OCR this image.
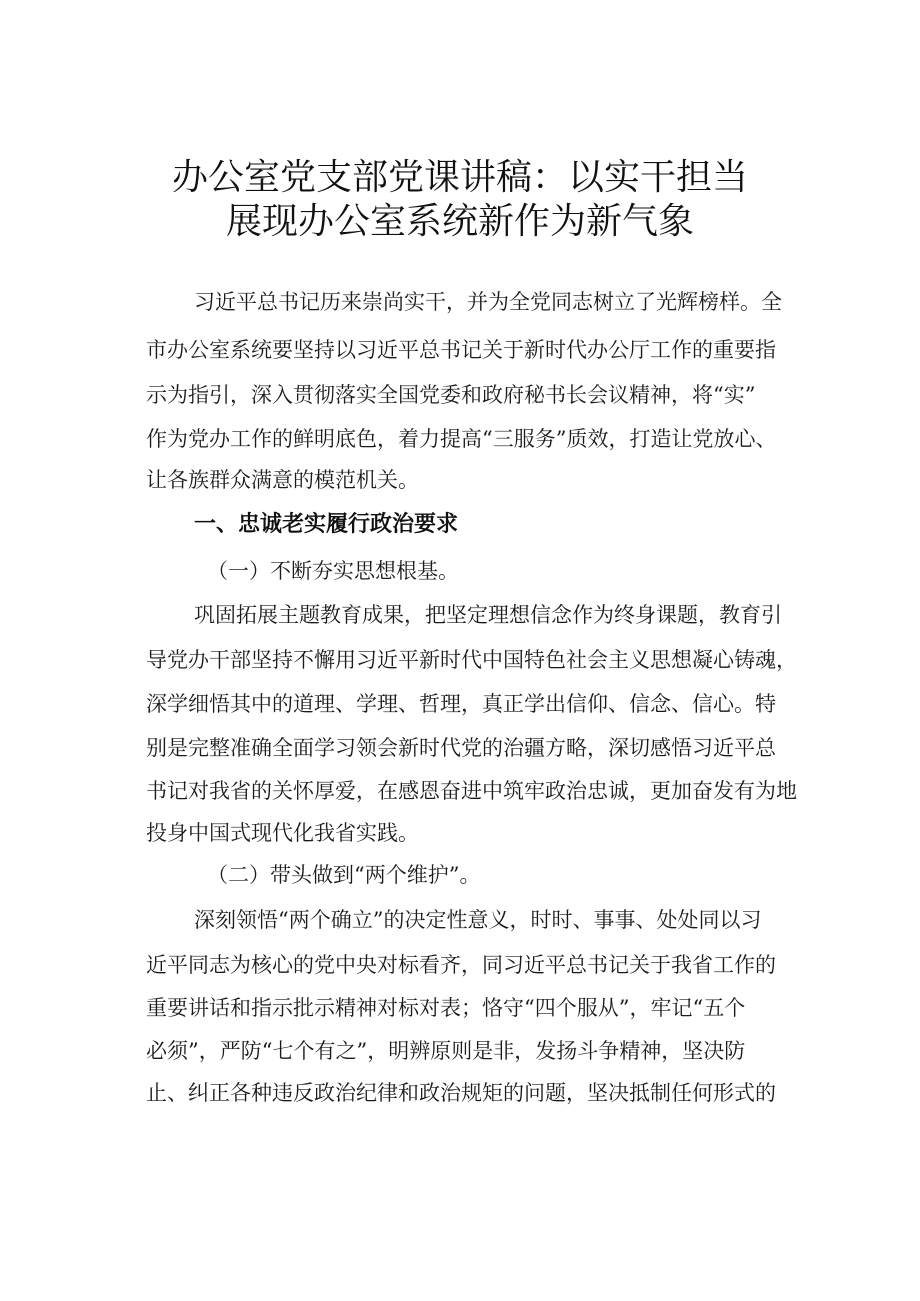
办公室党支部党课讲稿：以实干担当
展现办公室系统新作为新气象
习近平总书记历来崇尚实干，并为全党同志树立了光辉榜样。全
市办公室系统要坚持以习近平总书记关于新时代办公厅工作的重要指
示为指引，深入贯彻落实全国党委和政府秘书长会议精神，将“实”
作为党办工作的鲜明底色，着力提高“三服务”质效，打造让党放心、
让各族群众满意的模范机关。
一、忠诚老实履行政治要求
（一）不断夯实思想根基。
巩固拓展主题教育成果，把坚定理想信念作为终身课题，教育引
导党办干部坚持不懈用习近平新时代中国特色社会主义思想凝心铸魂，
深学细悟其中的道理、学理、哲理，真正学出信仰、信念、信心。特
别是完整准确全面学习领会新时代党的治疆方略，深切感悟习近平总
书记对我省的关怀厚爱，在感恩奋进中筑牢政治忠诚，更加奋发有为地
投身中国式现代化我省实践。
（二）带头做到“两个维护”。
深刻领悟“两个确立”的决定性意义，时时、事事、处处同以习
近平同志为核心的党中央对标看齐，同习近平总书记关于我省工作的
重要讲话和指示批示精神对标对表；恪守“四个服从”，牢记“五个
必须”，严防“七个有之”，明辨原则是非，发扬斗争精神，坚决防
止、纠正各种违反政治纪律和政治规矩的问题，坚决抵制任何形式的
